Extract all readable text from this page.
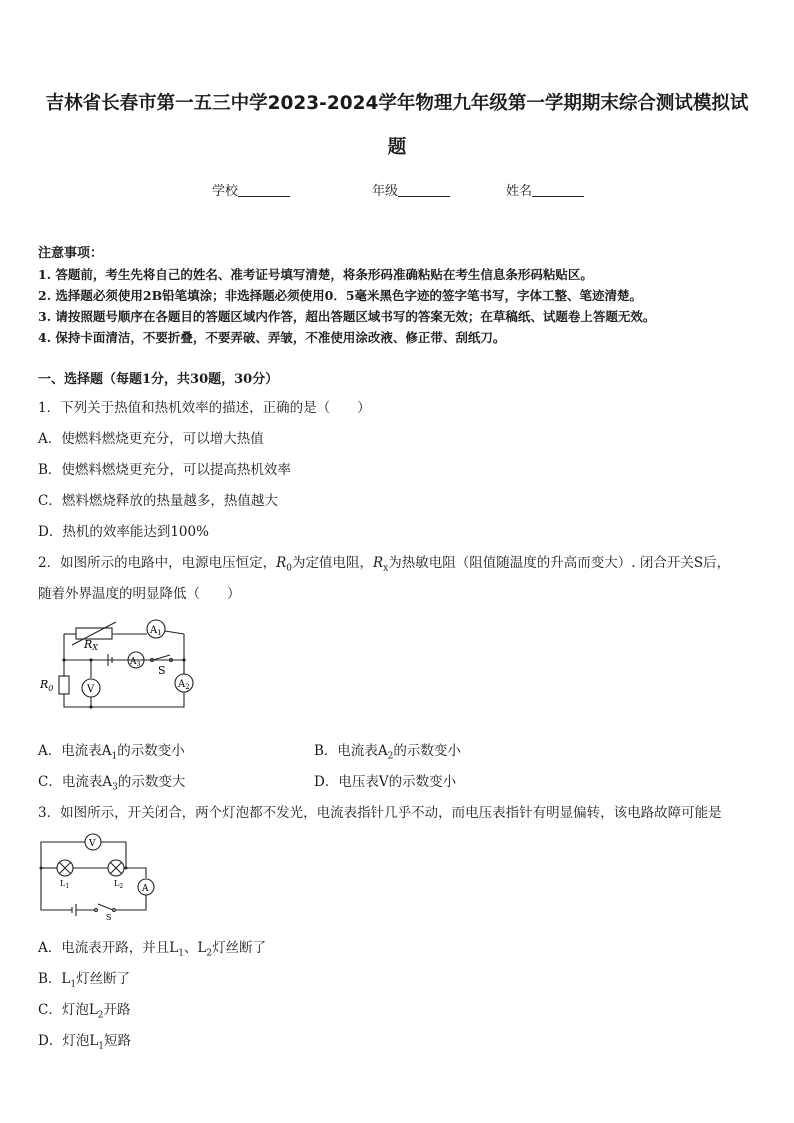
吉林省长春市第一五三中学2023-2024学年物理九年级第一学期期末综合测试模拟试
题
学校	年级	姓名
注意事项：
1. 答题前，考生先将自己的姓名、准考证号填写清楚，将条形码准确粘贴在考生信息条形码粘贴区。
2. 选择题必须使用2B铅笔填涂；非选择题必须使用0．5毫米黑色字迹的签字笔书写，字体工整、笔迹清楚。
3. 请按照题号顺序在各题目的答题区域内作答，超出答题区域书写的答案无效；在草稿纸、试题卷上答题无效。
4. 保持卡面清洁，不要折叠，不要弄破、弄皱，不准使用涂改液、修正带、刮纸刀。
一、选择题（每题1分，共30题，30分）
1．下列关于热值和热机效率的描述，正确的是（　　）
A．使燃料燃烧更充分，可以增大热值
B．使燃料燃烧更充分，可以提高热机效率
C．燃料燃烧释放的热量越多，热值越大
D．热机的效率能达到100%
2．如图所示的电路中，电源电压恒定，$R_0$为定值电阻，$R_x$为热敏电阻（阻值随温度的升高而变大）. 闭合开关S后，
随着外界温度的明显降低（　　）
RX
$R_0$
$A_1$
$A_3$
$A_2$
V
S
A．电流表$A_1$的示数变小	B．电流表$A_2$的示数变小
C．电流表$A_3$的示数变大	D．电压表V的示数变小
3．如图所示，开关闭合，两个灯泡都不发光，电流表指针几乎不动，而电压表指针有明显偏转，该电路故障可能是
V
A
$L_1$	$L_2$
S
A．电流表开路，并且$L_1$、$L_2$灯丝断了
B．$L_1$灯丝断了
C．灯泡$L_2$开路
D．灯泡$L_1$短路
